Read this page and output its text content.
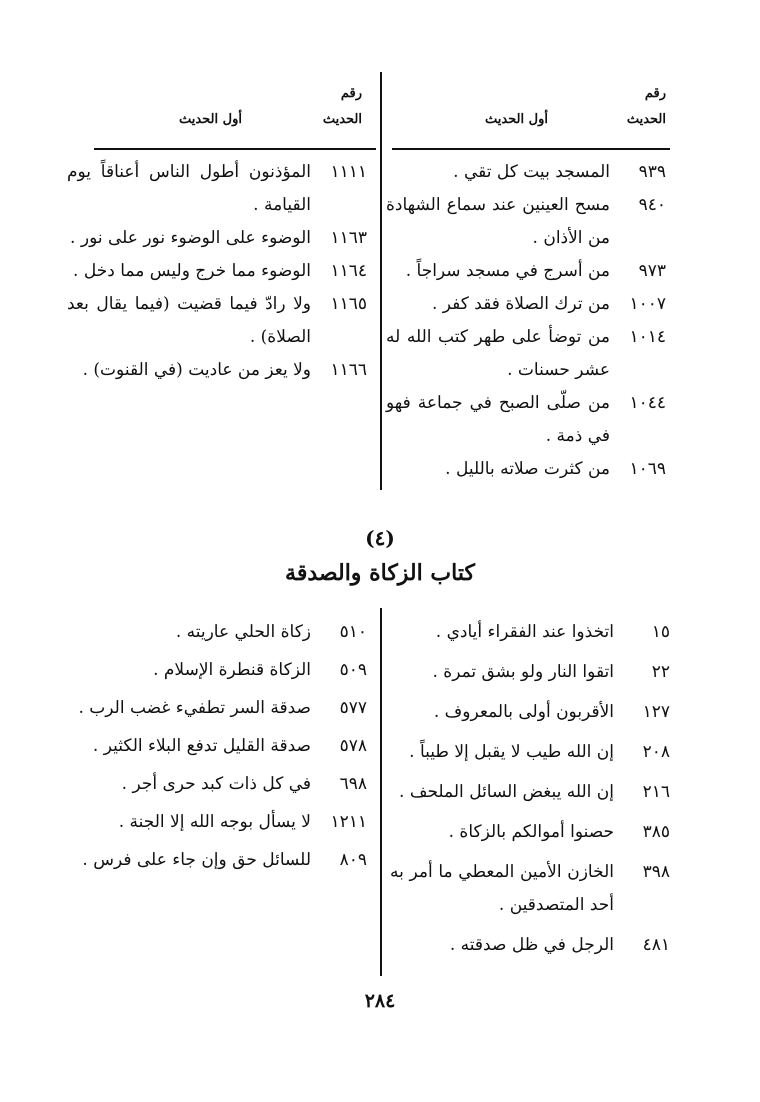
رقم
الحديث
أول الحديث
رقم
الحديث
أول الحديث
٩٣٩
المسجد بيت كل تقي .
٩٤٠
مسح العينين عند سماع الشهادة من الأذان .
٩٧٣
من أسرج في مسجد سراجاً .
١٠٠٧
من ترك الصلاة فقد كفر .
١٠١٤
من توضأ على طهر كتب الله له عشر حسنات .
١٠٤٤
من صلّى الصبح في جماعة فهو في ذمة .
١٠٦٩
من كثرت صلاته بالليل .
١١١١
المؤذنون أطول الناس أعناقاً يوم القيامة .
١١٦٣
الوضوء على الوضوء نور على نور .
١١٦٤
الوضوء مما خرج وليس مما دخل .
١١٦٥
ولا رادّ فيما قضيت (فيما يقال بعد الصلاة) .
١١٦٦
ولا يعز من عاديت (في القنوت) .
(٤)
كتاب الزكاة والصدقة
١٥
اتخذوا عند الفقراء أيادي .
٢٢
اتقوا النار ولو بشق تمرة .
١٢٧
الأقربون أولى بالمعروف .
٢٠٨
إن الله طيب لا يقبل إلا طيباً .
٢١٦
إن الله يبغض السائل الملحف .
٣٨٥
حصنوا أموالكم بالزكاة .
٣٩٨
الخازن الأمين المعطي ما أمر به أحد المتصدقين .
٤٨١
الرجل في ظل صدقته .
٥١٠
زكاة الحلي عاريته .
٥٠٩
الزكاة قنطرة الإسلام .
٥٧٧
صدقة السر تطفيء غضب الرب .
٥٧٨
صدقة القليل تدفع البلاء الكثير .
٦٩٨
في كل ذات كبد حرى أجر .
١٢١١
لا يسأل بوجه الله إلا الجنة .
٨٠٩
للسائل حق وإن جاء على فرس .
٢٨٤
